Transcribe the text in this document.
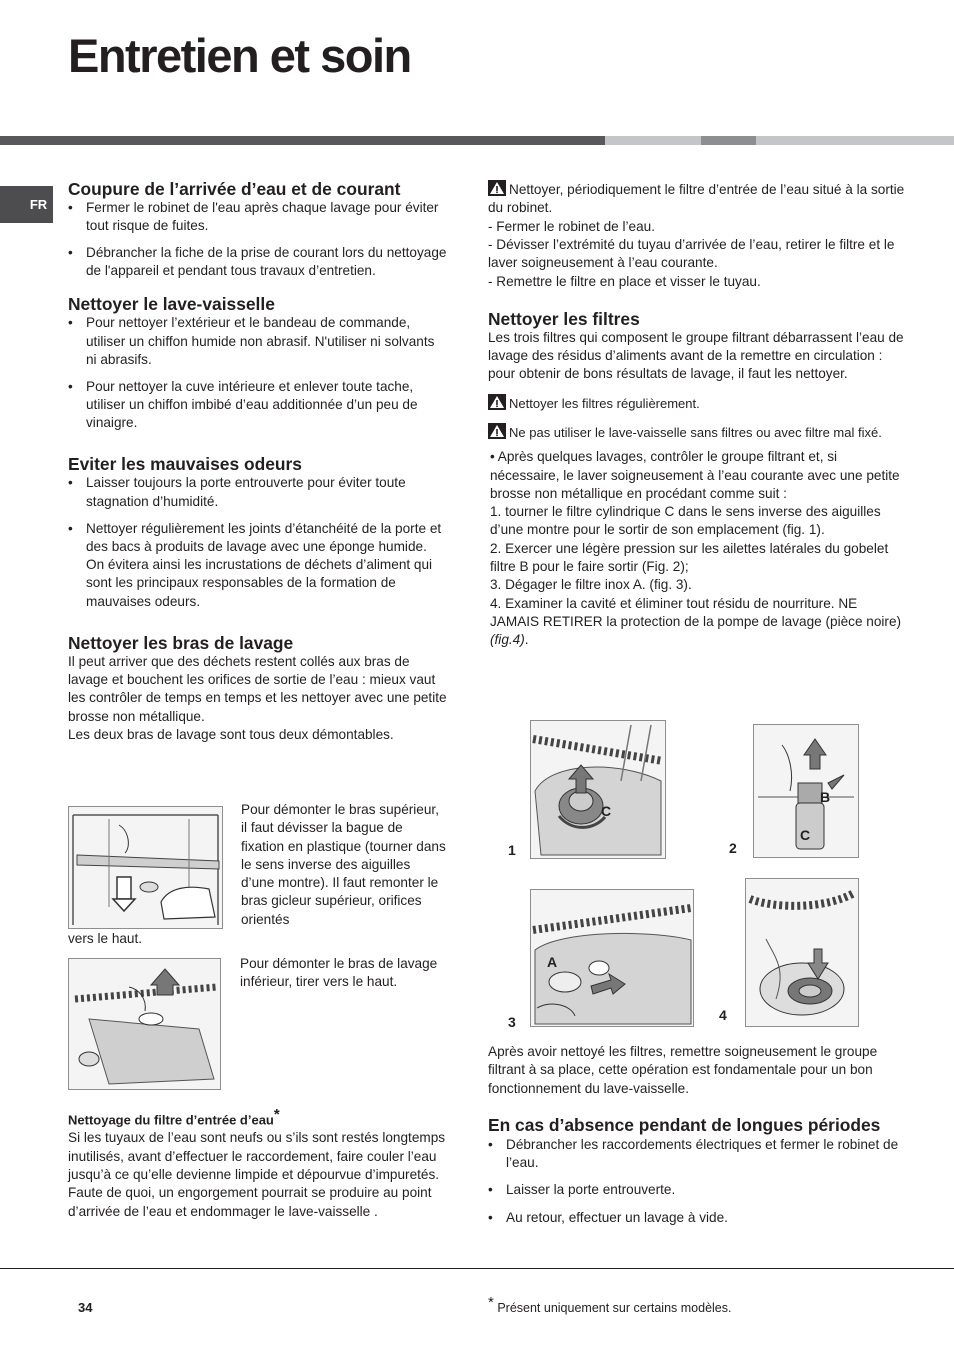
Entretien et soin
FR
Coupure de l’arrivée d’eau et de courant
• Fermer le robinet de l'eau après chaque lavage pour éviter tout risque de fuites.
• Débrancher la fiche de la prise de courant lors du nettoyage de l'appareil et pendant tous travaux d’entretien.
Nettoyer le lave-vaisselle
• Pour nettoyer l’extérieur et le bandeau de commande, utiliser un chiffon humide non abrasif. N'utiliser ni solvants ni abrasifs.
• Pour nettoyer la cuve intérieure et enlever toute tache, utiliser un chiffon imbibé d’eau additionnée d’un peu de vinaigre.
Eviter les mauvaises odeurs
• Laisser toujours la porte entrouverte pour éviter toute stagnation d’humidité.
• Nettoyer régulièrement les joints d’étanchéité de la porte et des bacs à produits de lavage avec une éponge humide. On évitera ainsi les incrustations de déchets d’aliment qui sont les principaux responsables de la formation de mauvaises odeurs.
Nettoyer les bras de lavage

Il peut arriver que des déchets restent collés aux bras de lavage et bouchent les orifices de sortie de l’eau : mieux vaut les contrôler de temps en temps et les nettoyer avec une petite brosse non métallique.

Les deux bras de lavage sont tous deux démontables.

Pour démonter le bras supérieur, il faut dévisser la bague de fixation en plastique (tourner dans le sens inverse des aiguilles d’une montre). Il faut remonter le bras gicleur supérieur, orifices orientés
vers le haut.
Pour démonter le bras de lavage inférieur, tirer vers le haut.
Nettoyage du filtre d’entrée d’eau*

Si les tuyaux de l’eau sont neufs ou s’ils sont restés longtemps inutilisés, avant d’effectuer le raccordement, faire couler l’eau jusqu’à ce qu’elle devienne limpide et dépourvue d’impuretés. Faute de quoi, un engorgement pourrait se produire au point d’arrivée de l’eau et endommager le lave-vaisselle .

Nettoyer, périodiquement le filtre d’entrée de l’eau situé à la sortie du robinet.

- Fermer le robinet de l’eau.

- Dévisser l’extrémité du tuyau d’arrivée de l’eau, retirer le filtre et le laver soigneusement à l’eau courante.

- Remettre le filtre en place et visser le tuyau.

Nettoyer les filtres

Les trois filtres qui composent le groupe filtrant débarrassent l’eau de lavage des résidus d’aliments avant de la remettre en circulation : pour obtenir de bons résultats de lavage, il faut les nettoyer.

Nettoyer les filtres régulièrement.

Ne pas utiliser le lave-vaisselle sans filtres ou avec filtre mal fixé.

• Après quelques lavages, contrôler le groupe filtrant et, si nécessaire, le laver soigneusement à l’eau courante avec une petite brosse non métallique en procédant comme suit :

1. tourner le filtre cylindrique C dans le sens inverse des aiguilles d’une montre pour le sortir de son emplacement (fig. 1).

2. Exercer une légère pression sur les ailettes latérales du gobelet filtre B pour le faire sortir (Fig. 2);

3. Dégager le filtre inox A. (fig. 3).

4. Examiner la cavité et éliminer tout résidu de nourriture. NE JAMAIS RETIRER la protection de la pompe de lavage (pièce noire) (fig.4).

C
1
B
C
2
A
3	4

Après avoir nettoyé les filtres, remettre soigneusement le groupe filtrant à sa place, cette opération est fondamentale pour un bon fonctionnement du lave-vaisselle.

En cas d’absence pendant de longues périodes
• Débrancher les raccordements électriques et fermer le robinet de l’eau.
• Laisser la porte entrouverte.
• Au retour, effectuer un lavage à vide.
34	* Présent uniquement sur certains modèles.
